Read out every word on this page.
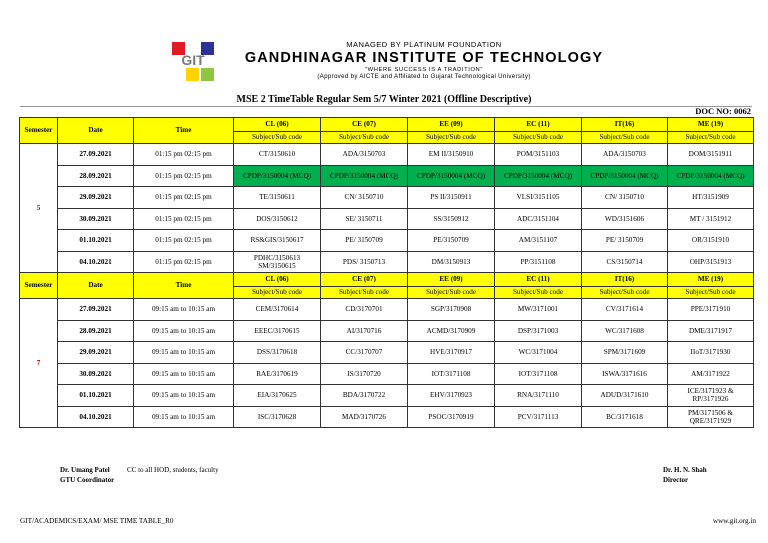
GIT
MANAGED BY PLATINUM FOUNDATION
GANDHINAGAR INSTITUTE OF TECHNOLOGY
"WHERE SUCCESS IS A TRADITION"
(Approved by AICTE and Affiliated to Gujarat Technological University)
MSE 2 TimeTable Regular Sem 5/7 Winter 2021 (Offline Descriptive)
DOC NO: 0062
Semester	Date	Time	CL (06)	CE (07)	EE (09)	EC (11)	IT(16)	ME (19)
			Subject/Sub code	Subject/Sub code	Subject/Sub code	Subject/Sub code	Subject/Sub code	Subject/Sub code
5	27.09.2021	01:15 pm 02:15 pm	CT/3150610	ADA/3150703	EM II/3150910	POM/3151103	ADA/3150703	DOM/3151911
	28.09.2021	01:15 pm 02:15 pm	CPDP/3150004 (MCQ)	CPDP/3150004 (MCQ)	CPDP/3150004 (MCQ)	CPDP/3150004 (MCQ)	CPDP/3150004 (MCQ)	CPDP/3150004 (MCQ)
	29.09.2021	01:15 pm 02:15 pm	TE/3150611	CN/ 3150710	PS II/3150911	VLSI/3151105	CN/ 3150710	HT/3151909
	30.09.2021	01:15 pm 02:15 pm	DOS/3150612	SE/ 3150711	SS/3150912	ADC/3151104	WD/3151606	MT / 3151912
	01.10.2021	01:15 pm 02:15 pm	RS&GIS/3150617	PE/ 3150709	PE/3150709	AM/3151107	PE/ 3150709	OR/3151910
	04.10.2021	01:15 pm 02:15 pm	PDHC/3150613
SM/3150615	PDS/ 3150713	DM/3150913	PP/3151108	CS/3150714	OHP/3151913
Semester	Date	Time	CL (06)	CE (07)	EE (09)	EC (11)	IT(16)	ME (19)
			Subject/Sub code	Subject/Sub code	Subject/Sub code	Subject/Sub code	Subject/Sub code	Subject/Sub code
7	27.09.2021	09:15 am to 10:15 am	CEM/3170614	CD/3170701	SGP/3170908	MW/3171001	CV/3171614	PPE/3171910
	28.09.2021	09:15 am to 10:15 am	EEEC/3170615	AI/3170716	ACMD/3170909	DSP/3171003	WC/3171608	DME/3171917
	29.09.2021	09:15 am to 10:15 am	DSS/3170618	CC/3170707	HVE/3170917	WC/3171004	SPM/3171609	IIoT/3171930
	30.09.2021	09:15 am to 10:15 am	RAE/3170619	IS/3170720	IOT/3171108	IOT/3171108	ISWA/3171616	AM/3171922
	01.10.2021	09:15 am to 10:15 am	EIA/3170625	BDA/3170722	EHV/3170923	RNA/3171110	ADUD/3171610	ICE/3171923 &
RP/3171926
	04.10.2021	09:15 am to 10:15 am	ISC/3170628	MAD/3170726	PSOC/3170919	PCV/3171113	BC/3171618	PM/3171506 &
QRE/3171929
Dr. Umang Patel
GTU Coordinator
CC to all HOD, students, faculty	Dr. H. N. Shah
Director
GIT/ACADEMICS/EXAM/ MSE TIME TABLE_R0	www.git.org.in
